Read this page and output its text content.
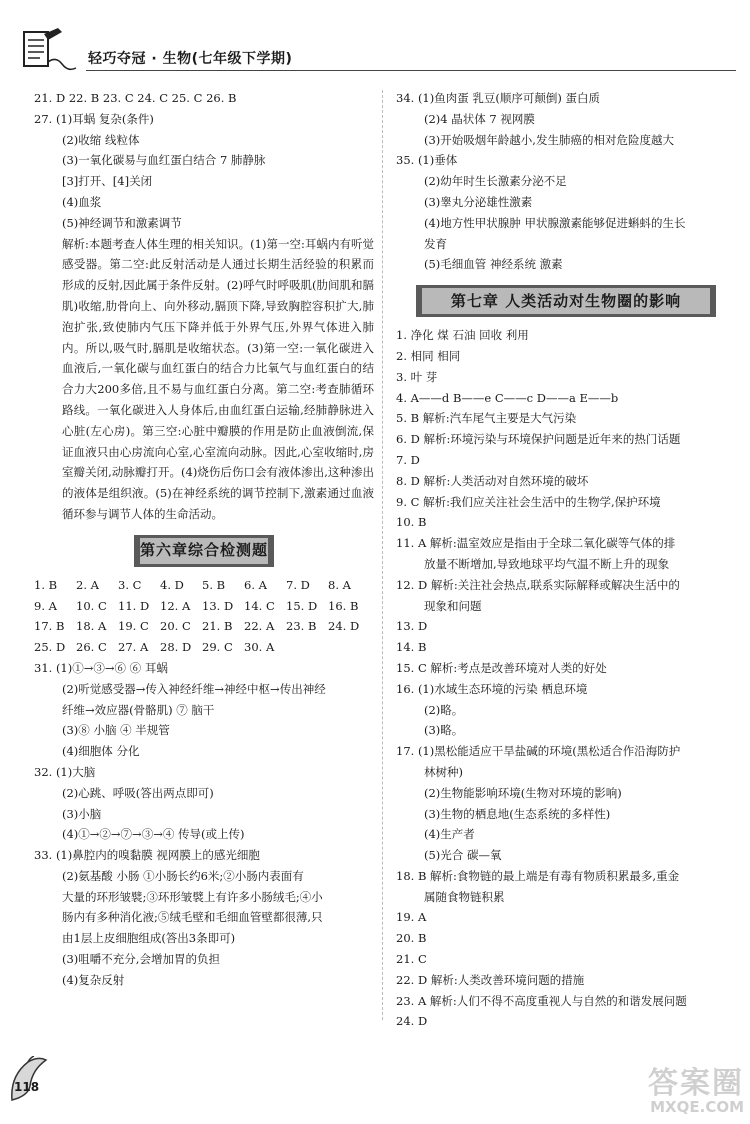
轻巧夺冠 · 生物(七年级下学期)
21. D 22. B 23. C 24. C 25. C 26. B
27. (1)耳蜗 复杂(条件)
(2)收缩 线粒体
(3)一氧化碳易与血红蛋白结合 7 肺静脉
[3]打开、[4]关闭
(4)血浆
(5)神经调节和激素调节
解析:本题考查人体生理的相关知识。(1)第一空:耳蜗内有听觉感受器。第二空:此反射活动是人通过长期生活经验的积累而形成的反射,因此属于条件反射。(2)呼气时呼吸肌(肋间肌和膈肌)收缩,肋骨向上、向外移动,膈顶下降,导致胸腔容积扩大,肺泡扩张,致使肺内气压下降并低于外界气压,外界气体进入肺内。所以,吸气时,膈肌是收缩状态。(3)第一空:一氧化碳进入血液后,一氧化碳与血红蛋白的结合力比氧气与血红蛋白的结合力大200多倍,且不易与血红蛋白分离。第二空:考查肺循环路线。一氧化碳进入人身体后,由血红蛋白运输,经肺静脉进入心脏(左心房)。第三空:心脏中瓣膜的作用是防止血液倒流,保证血液只由心房流向心室,心室流向动脉。因此,心室收缩时,房室瓣关闭,动脉瓣打开。(4)烧伤后伤口会有液体渗出,这种渗出的液体是组织液。(5)在神经系统的调节控制下,激素通过血液循环参与调节人体的生命活动。
第六章综合检测题
1. B	2. A	3. C	4. D	5. B	6. A	7. D	8. A
9. A	10. C 11. D 12. A	13. D 14. C 15. D 16. B
17. B	18. A	19. C 20. C 21. B	22. A	23. B	24. D
25. D 26. C 27. A	28. D 29. C 30. A
31. (1)①→③→⑥ ⑥ 耳蜗
(2)听觉感受器→传入神经纤维→神经中枢→传出神经
纤维→效应器(骨骼肌) ⑦ 脑干
(3)⑧ 小脑 ④ 半规管
(4)细胞体 分化
32. (1)大脑
(2)心跳、呼吸(答出两点即可)
(3)小脑
(4)①→②→⑦→③→④ 传导(或上传)
33. (1)鼻腔内的嗅黏膜 视网膜上的感光细胞
(2)氨基酸 小肠 ①小肠长约6米;②小肠内表面有
大量的环形皱襞;③环形皱襞上有许多小肠绒毛;④小
肠内有多种消化液;⑤绒毛壁和毛细血管壁都很薄,只
由1层上皮细胞组成(答出3条即可)
(3)咀嚼不充分,会增加胃的负担
(4)复杂反射
34. (1)鱼肉蛋 乳豆(顺序可颠倒) 蛋白质
(2)4 晶状体 7 视网膜
(3)开始吸烟年龄越小,发生肺癌的相对危险度越大
35. (1)垂体
(2)幼年时生长激素分泌不足
(3)睾丸分泌雄性激素
(4)地方性甲状腺肿 甲状腺激素能够促进蝌蚪的生长
发育
(5)毛细血管 神经系统 激素
第七章 人类活动对生物圈的影响
1. 净化 煤 石油 回收 利用
2. 相同 相同
3. 叶 芽
4. A——d B——e C——c D——a E——b
5. B 解析:汽车尾气主要是大气污染
6. D 解析:环境污染与环境保护问题是近年来的热门话题
7. D
8. D 解析:人类活动对自然环境的破坏
9. C 解析:我们应关注社会生活中的生物学,保护环境
10. B
11. A 解析:温室效应是指由于全球二氧化碳等气体的排
放量不断增加,导致地球平均气温不断上升的现象
12. D 解析:关注社会热点,联系实际解释或解决生活中的
现象和问题
13. D
14. B
15. C 解析:考点是改善环境对人类的好处
16. (1)水域生态环境的污染 栖息环境
(2)略。
(3)略。
17. (1)黑松能适应干旱盐碱的环境(黑松适合作沿海防护
林树种)
(2)生物能影响环境(生物对环境的影响)
(3)生物的栖息地(生态系统的多样性)
(4)生产者
(5)光合 碳—氧
18. B 解析:食物链的最上端是有毒有物质积累最多,重金
属随食物链积累
19. A
20. B
21. C
22. D 解析:人类改善环境问题的措施
23. A 解析:人们不得不高度重视人与自然的和谐发展问题
24. D
118	答案圈
MXQE.COM
